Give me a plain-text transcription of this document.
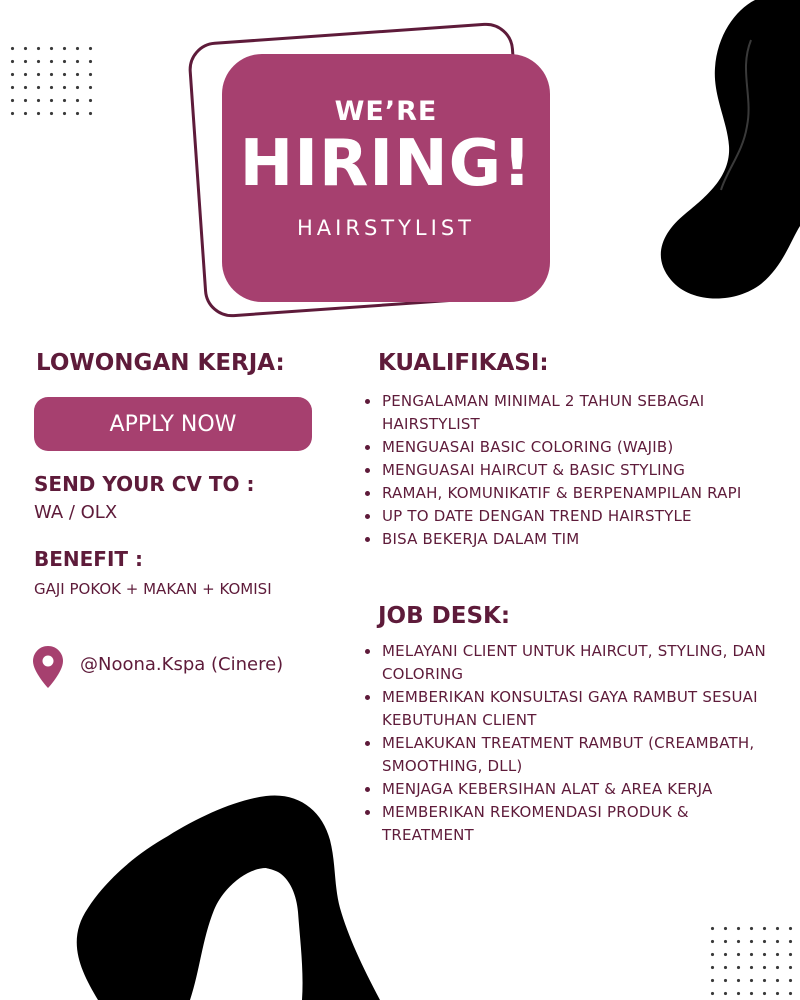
WE’RE
HIRING!
HAIRSTYLIST
LOWONGAN KERJA:
APPLY NOW
SEND YOUR CV TO :
WA / OLX
BENEFIT :
GAJI POKOK + MAKAN + KOMISI
@Noona.Kspa (Cinere)
KUALIFIKASI:
PENGALAMAN MINIMAL 2 TAHUN SEBAGAI HAIRSTYLIST
MENGUASAI BASIC COLORING (WAJIB)
MENGUASAI HAIRCUT & BASIC STYLING
RAMAH, KOMUNIKATIF & BERPENAMPILAN RAPI
UP TO DATE DENGAN TREND HAIRSTYLE
BISA BEKERJA DALAM TIM
JOB DESK:
MELAYANI CLIENT UNTUK HAIRCUT, STYLING, DAN COLORING
MEMBERIKAN KONSULTASI GAYA RAMBUT SESUAI KEBUTUHAN CLIENT
MELAKUKAN TREATMENT RAMBUT (CREAMBATH, SMOOTHING, DLL)
MENJAGA KEBERSIHAN ALAT & AREA KERJA
MEMBERIKAN REKOMENDASI PRODUK & TREATMENT
